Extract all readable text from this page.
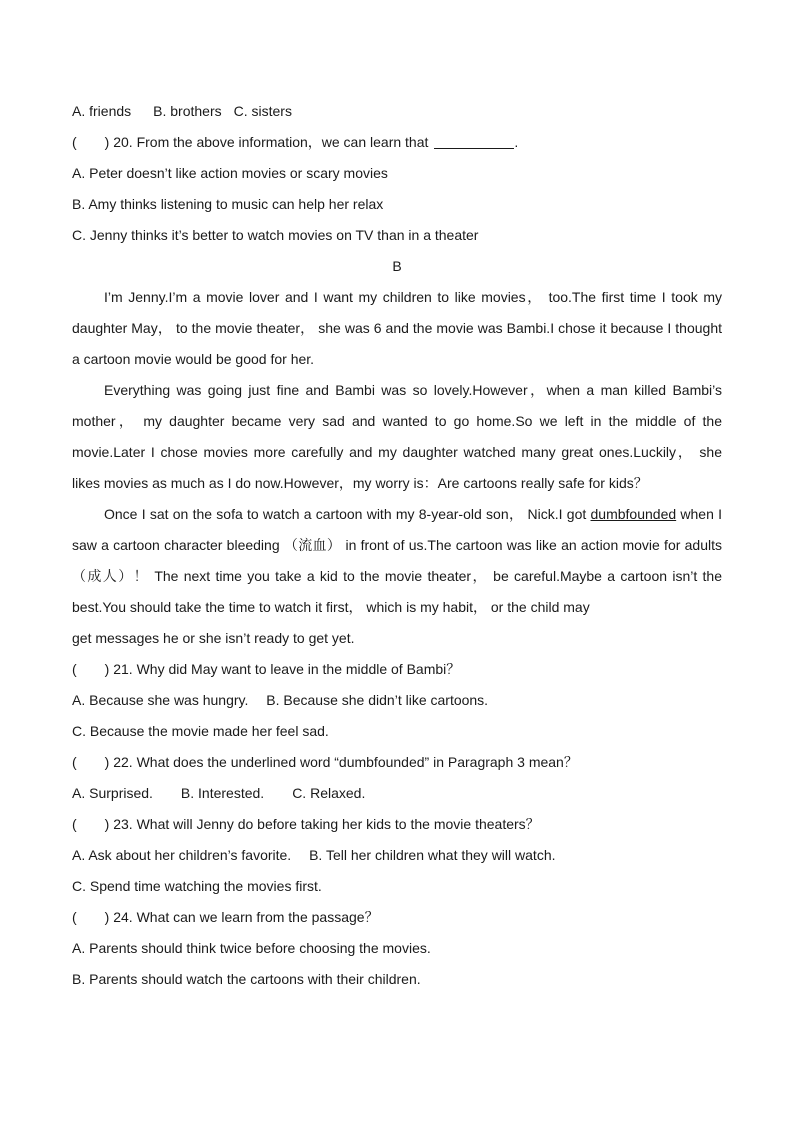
A. friends B. brothers C. sisters
(　　) 20. From the above information，we can learn that	.
A. Peter doesn’t like action movies or scary movies
B. Amy thinks listening to music can help her relax
C. Jenny thinks it’s better to watch movies on TV than in a theater
B

I’m Jenny.I’m a movie lover and I want my children to like movies， too.The first time I took my daughter May， to the movie theater， she was 6 and the movie was Bambi.I chose it because I thought a cartoon movie would be good for her.

Everything was going just fine and Bambi was so lovely.However，when a man killed Bambi’s mother， my daughter became very sad and wanted to go home.So we left in the middle of the movie.Later I chose movies more carefully and my daughter watched many great ones.Luckily， she likes movies as much as I do now.However，my worry is：Are cartoons really safe for kids？

Once I sat on the sofa to watch a cartoon with my 8-year-old son， Nick.I got dumbfounded when I saw a cartoon character bleeding （流血） in front of us.The cartoon was like an action movie for adults （成人）！ The next time you take a kid to the movie theater， be careful.Maybe a cartoon isn’t the best.You should take the time to watch it first， which is my habit， or the child may

get messages he or she isn’t ready to get yet.
(　　) 21. Why did May want to leave in the middle of Bambi？
A. Because she was hungry.　 B. Because she didn’t like cartoons.
C. Because the movie made her feel sad.
(　　) 22. What does the underlined word “dumbfounded” in Paragraph 3 mean？
A. Surprised.　　B. Interested.　　C. Relaxed.
(　　) 23. What will Jenny do before taking her kids to the movie theaters？
A. Ask about her children’s favorite.　 B. Tell her children what they will watch.
C. Spend time watching the movies first.
(　　) 24. What can we learn from the passage？
A. Parents should think twice before choosing the movies.
B. Parents should watch the cartoons with their children.
